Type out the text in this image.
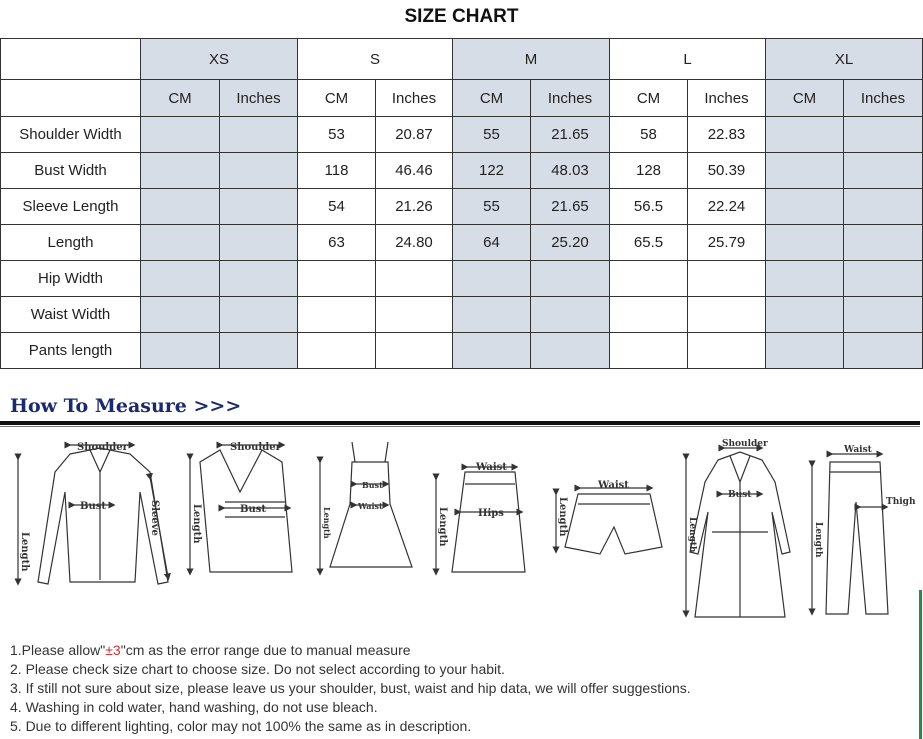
SIZE CHART
	XS		S		M		L		XL	
	CM	Inches	CM	Inches	CM	Inches	CM	Inches	CM	Inches
Shoulder Width			53	20.87	55	21.65	58	22.83		
Bust Width			118	46.46	122	48.03	128	50.39		
Sleeve Length			54	21.26	55	21.65	56.5	22.24		
Length			63	24.80	64	25.20	65.5	25.79		
Hip Width										
Waist Width										
Pants length										
How To Measure >>>
Shoulder
Bust
Length
Sleeve
Shoulder
Bust
Length
Bust
Waist
Length
Waist
Hips
Length
Waist
Length
Shoulder
Bust
Length
Waist
Thigh
Length
1.Please allow"±3"cm as the error range due to manual measure
2. Please check size chart to choose size. Do not select according to your habit.
3. If still not sure about size, please leave us your shoulder, bust, waist and hip data, we will offer suggestions.
4. Washing in cold water, hand washing, do not use bleach.
5. Due to different lighting, color may not 100% the same as in description.
